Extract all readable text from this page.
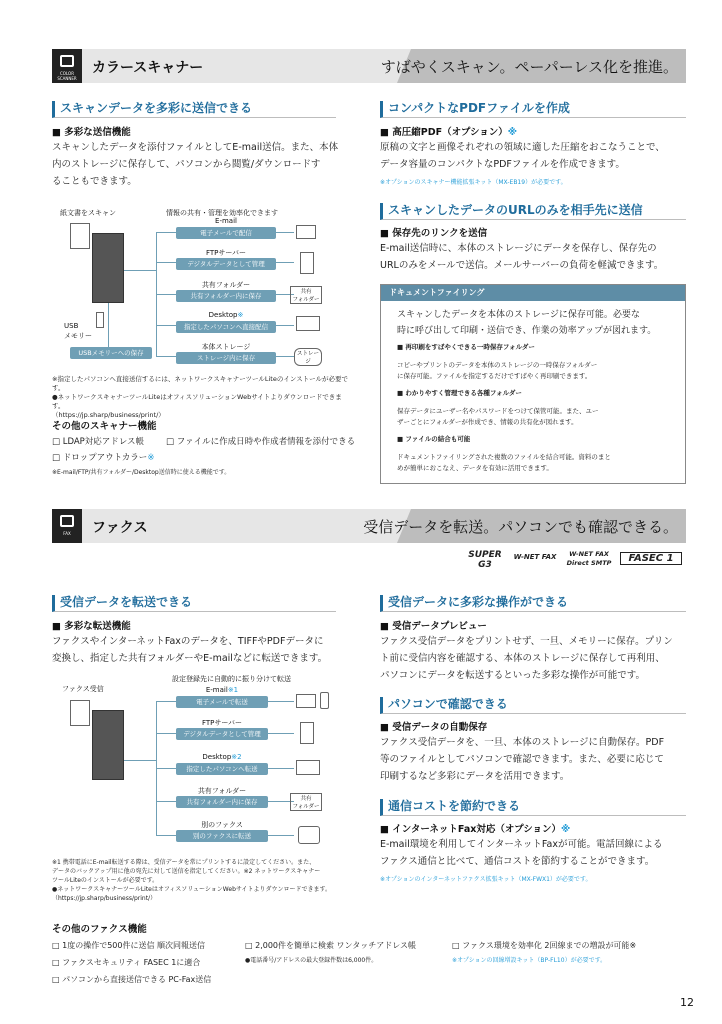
COLOR SCANNER
カラースキャナー	すばやくスキャン。ペーパーレス化を推進。
スキャンデータを多彩に送信できる
■ 多彩な送信機能
スキャンしたデータを添付ファイルとしてE-mail送信。また、本体
内のストレージに保存して、パソコンから閲覧/ダウンロードす
ることもできます。
紙文書をスキャン	情報の共有・管理を効率化できます
E-mail
電子メールで配信
FTPサーバー
デジタルデータとして管理
共有フォルダー
共有フォルダー内に保存
Desktop※
指定したパソコンへ直接配信
本体ストレージ
ストレージ内に保存
共有
フォルダー
ストレージ
USB
メモリー
USBメモリーへの保存
※指定したパソコンへ直接送信するには、ネットワークスキャナーツールLiteのインストールが必要です。
●ネットワークスキャナーツールLiteはオフィスソリューションWebサイトよりダウンロードできます。
（https://jp.sharp/business/print/）
その他のスキャナー機能
□ LDAP対応アドレス帳	□ ファイルに作成日時や作成者情報を添付できる
□ ドロップアウトカラー※
※E-mail/FTP/共有フォルダー/Desktop送信時に使える機能です。
コンパクトなPDFファイルを作成
■ 高圧縮PDF（オプション）※
原稿の文字と画像それぞれの領域に適した圧縮をおこなうことで、
データ容量のコンパクトなPDFファイルを作成できます。
※オプションのスキャナー機能拡張キット（MX-EB19）が必要です。
スキャンしたデータのURLのみを相手先に送信
■ 保存先のリンクを送信
E-mail送信時に、本体のストレージにデータを保存し、保存先の
URLのみをメールで送信。メールサーバーの負荷を軽減できます。
ドキュメントファイリング
スキャンしたデータを本体のストレージに保存可能。必要な
時に呼び出して印刷・送信でき、作業の効率アップが図れます。
■ 再印刷をすばやくできる一時保存フォルダー
コピーやプリントのデータを本体のストレージの一時保存フォルダー
に保存可能。ファイルを指定するだけですばやく再印刷できます。
■ わかりやすく管理できる各種フォルダー
保存データにユーザー名やパスワードをつけて保管可能。また、ユー
ザーごとにフォルダーが作成でき、情報の共有化が図れます。
■ ファイルの結合も可能
ドキュメントファイリングされた複数のファイルを結合可能。資料のまと
めが簡単におこなえ、データを有効に活用できます。
FAX	ファクス	受信データを転送。パソコンでも確認できる。
SUPER G3
W-NET FAX	W-NET FAX Direct SMTP	FASEC 1
受信データを転送できる
■ 多彩な転送機能
ファクスやインターネットFaxのデータを、TIFFやPDFデータに
変換し、指定した共有フォルダーやE-mailなどに転送できます。
ファクス受信
設定登録先に自動的に振り分けて転送
E-mail※1
電子メールで転送
FTPサーバー
デジタルデータとして管理
Desktop※2
指定したパソコンへ転送
共有フォルダー
共有フォルダー内に保存
別のファクス
別のファクスに転送
共有
フォルダー
※1 携帯電話にE-mail転送する際は、受信データを常にプリントするに設定してください。また、
データのバックアップ用に他の宛先に対して送信を指定してください。※2 ネットワークスキャナー
ツールLiteのインストールが必要です。
●ネットワークスキャナーツールLiteはオフィスソリューションWebサイトよりダウンロードできます。
（https://jp.sharp/business/print/）
受信データに多彩な操作ができる
■ 受信データプレビュー
ファクス受信データをプリントせず、一旦、メモリーに保存。プリン
ト前に受信内容を確認する、本体のストレージに保存して再利用、
パソコンにデータを転送するといった多彩な操作が可能です。
パソコンで確認できる
■ 受信データの自動保存
ファクス受信データを、一旦、本体のストレージに自動保存。PDF
等のファイルとしてパソコンで確認できます。また、必要に応じて
印刷するなど多彩にデータを活用できます。
通信コストを節約できる
■ インターネットFax対応（オプション）※
E-mail環境を利用してインターネットFaxが可能。電話回線による
ファクス通信と比べて、通信コストを節約することができます。
※オプションのインターネットファクス拡張キット（MX-FWX1）が必要です。
その他のファクス機能
□ 1度の操作で500件に送信 順次同報送信
□ ファクスセキュリティ FASEC 1に適合
□ パソコンから直接送信できる PC-Fax送信
□ 2,000件を簡単に検索 ワンタッチアドレス帳
●電話番号/アドレスの最大登録件数は6,000件。
□ ファクス環境を効率化 2回線までの増設が可能※
※オプションの回線増設キット（BP-FL10）が必要です。
12
